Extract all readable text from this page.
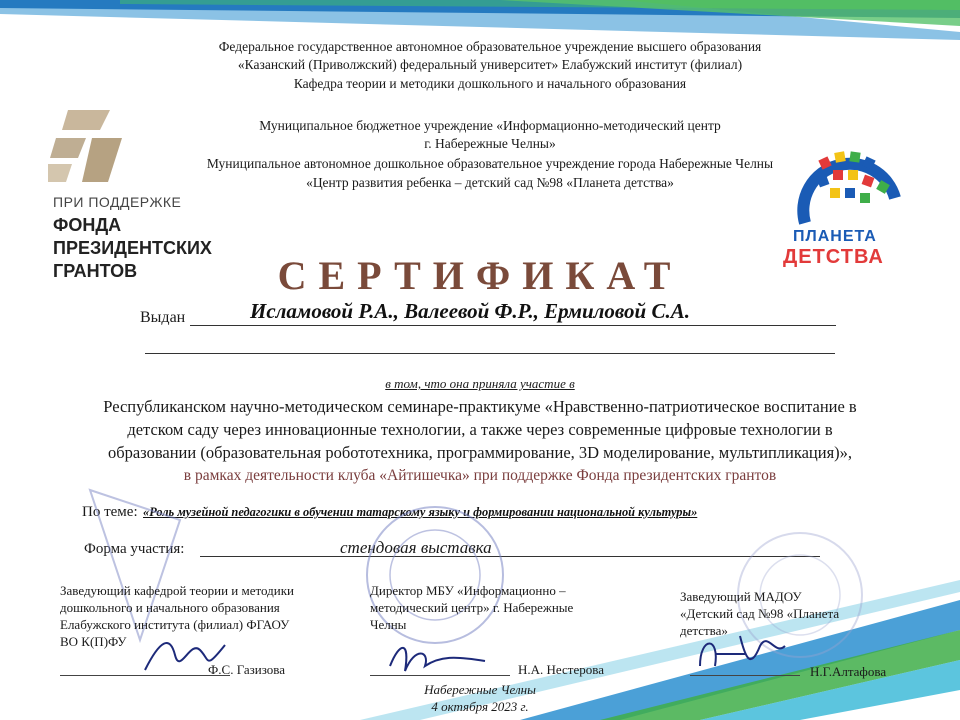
Федеральное государственное автономное образовательное учреждение высшего образования
«Казанский (Приволжский) федеральный университет» Елабужский институт (филиал)
Кафедра теории и методики дошкольного и начального образования
Муниципальное бюджетное учреждение «Информационно-методический центр
г. Набережные Челны»
Муниципальное автономное дошкольное образовательное учреждение города Набережные Челны
«Центр развития ребенка – детский сад №98 «Планета детства»
ПРИ ПОДДЕРЖКЕ
ФОНДА
ПРЕЗИДЕНТСКИХ
ГРАНТОВ
ПЛАНЕТА
ДЕТСТВА
СЕРТИФИКАТ
Выдан	Исламовой Р.А., Валеевой Ф.Р., Ермиловой С.А.
в том, что она приняла участие в
Республиканском научно-методическом семинаре-практикуме «Нравственно-патриотическое воспитание в
детском саду через инновационные технологии, а также через современные цифровые технологии в
образовании (образовательная робототехника, программирование, 3D моделирование, мультипликация)»,
в рамках деятельности клуба «Айтишечка» при поддержке Фонда президентских грантов
По теме: «Роль музейной педагогики в обучении татарскому языку и формировании национальной культуры»
Форма участия:	стендовая выставка
Заведующий кафедрой теории и методики
дошкольного и начального образования
Елабужского института (филиал) ФГАОУ
ВО К(П)ФУ
Ф.С. Газизова
Директор МБУ «Информационно –
методический центр» г. Набережные
Челны
Н.А. Нестерова
Заведующий МАДОУ
«Детский сад №98 «Планета
детства»
Н.Г.Алтафова
Набережные Челны
4 октября 2023 г.
